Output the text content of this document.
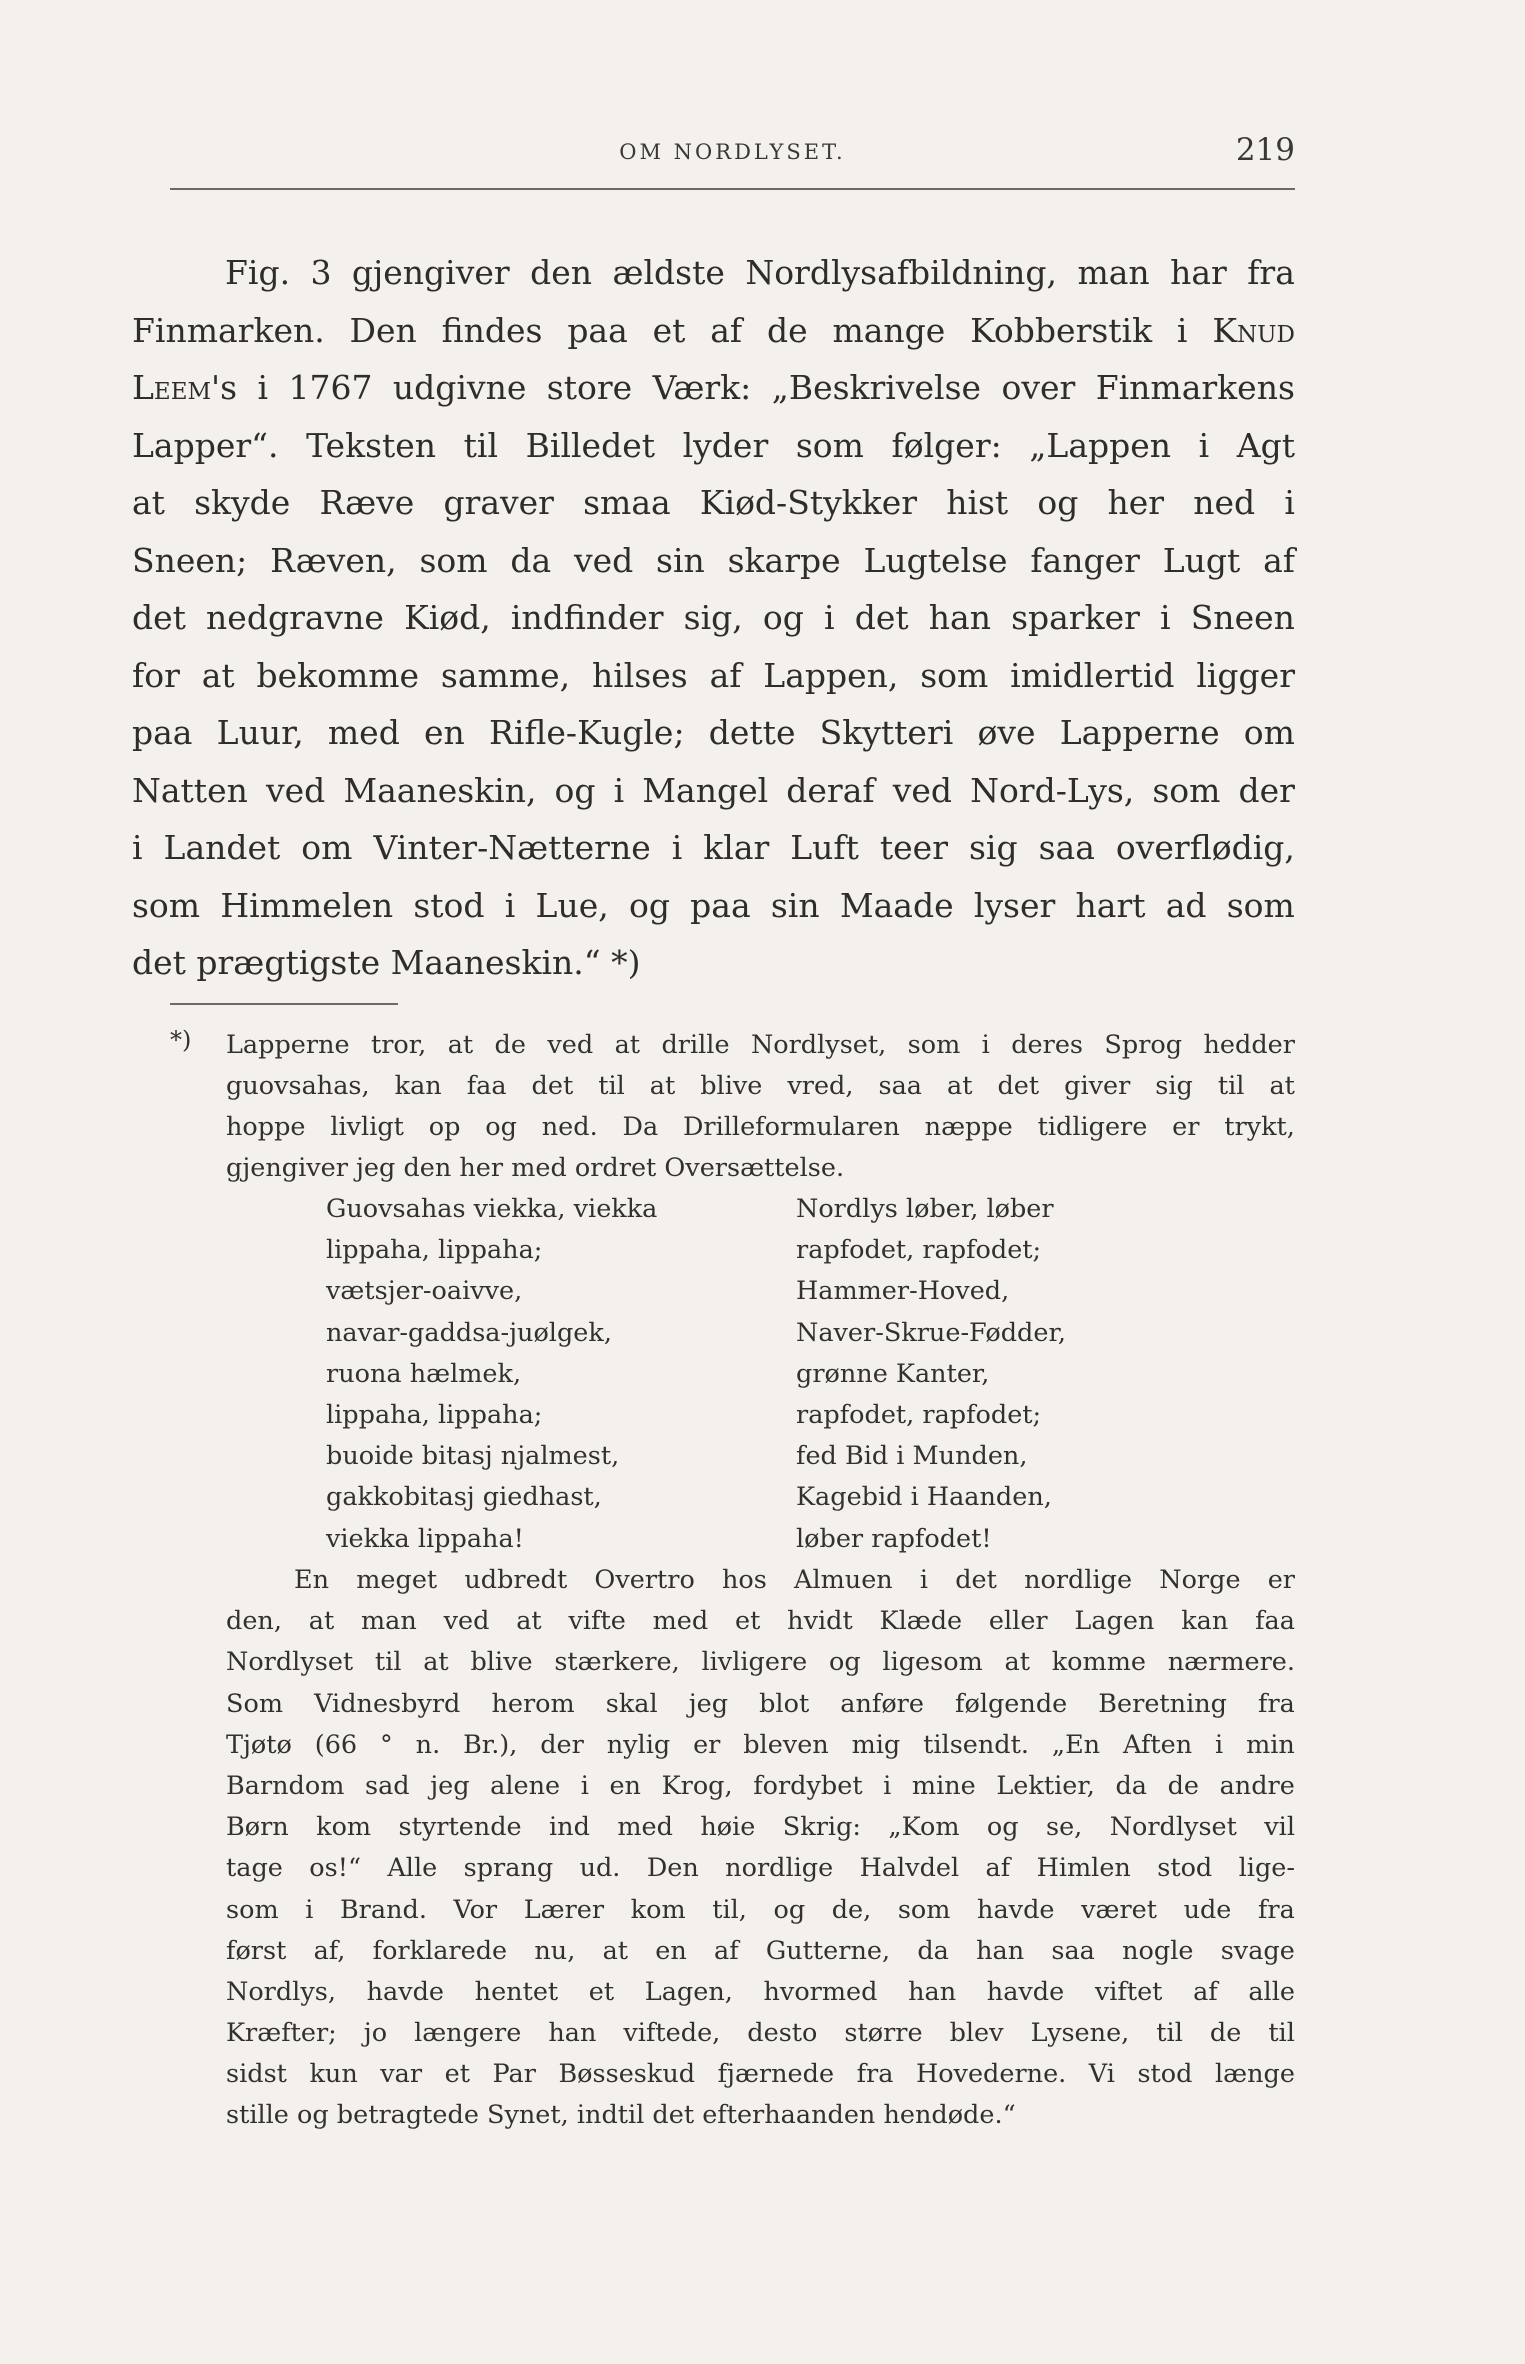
OM NORDLYSET.	219
Fig. 3 gjengiver den ældste Nordlysafbildning, man har fra
Finmarken. Den findes paa et af de mange Kobberstik i Knud
Leem's i 1767 udgivne store Værk: „Beskrivelse over Finmarkens
Lapper“. Teksten til Billedet lyder som følger: „Lappen i Agt
at skyde Ræve graver smaa Kiød-Stykker hist og her ned i
Sneen; Ræven, som da ved sin skarpe Lugtelse fanger Lugt af
det nedgravne Kiød, indfinder sig, og i det han sparker i Sneen
for at bekomme samme, hilses af Lappen, som imidlertid ligger
paa Luur, med en Rifle-Kugle; dette Skytteri øve Lapperne om
Natten ved Maaneskin, og i Mangel deraf ved Nord-Lys, som der
i Landet om Vinter-Nætterne i klar Luft teer sig saa overflødig,
som Himmelen stod i Lue, og paa sin Maade lyser hart ad som
det prægtigste Maaneskin.“ *)
*) Lapperne tror, at de ved at drille Nordlyset, som i deres Sprog hedder
guovsahas, kan faa det til at blive vred, saa at det giver sig til at
hoppe livligt op og ned. Da Drilleformularen næppe tidligere er trykt,
gjengiver jeg den her med ordret Oversættelse.
Guovsahas viekka, viekka	Nordlys løber, løber
lippaha, lippaha;	rapfodet, rapfodet;
vætsjer-oaivve,	Hammer-Hoved,
navar-gaddsa-juølgek,	Naver-Skrue-Fødder,
ruona hælmek,	grønne Kanter,
lippaha, lippaha;	rapfodet, rapfodet;
buoide bitasj njalmest,	fed Bid i Munden,
gakkobitasj giedhast,	Kagebid i Haanden,
viekka lippaha!	løber rapfodet!
En meget udbredt Overtro hos Almuen i det nordlige Norge er
den, at man ved at vifte med et hvidt Klæde eller Lagen kan faa
Nordlyset til at blive stærkere, livligere og ligesom at komme nærmere.
Som Vidnesbyrd herom skal jeg blot anføre følgende Beretning fra
Tjøtø (66 ° n. Br.), der nylig er bleven mig tilsendt. „En Aften i min
Barndom sad jeg alene i en Krog, fordybet i mine Lektier, da de andre
Børn kom styrtende ind med høie Skrig: „Kom og se, Nordlyset vil
tage os!“ Alle sprang ud. Den nordlige Halvdel af Himlen stod lige-
som i Brand. Vor Lærer kom til, og de, som havde været ude fra
først af, forklarede nu, at en af Gutterne, da han saa nogle svage
Nordlys, havde hentet et Lagen, hvormed han havde viftet af alle
Kræfter; jo længere han viftede, desto større blev Lysene, til de til
sidst kun var et Par Bøsseskud fjærnede fra Hovederne. Vi stod længe
stille og betragtede Synet, indtil det efterhaanden hendøde.“
